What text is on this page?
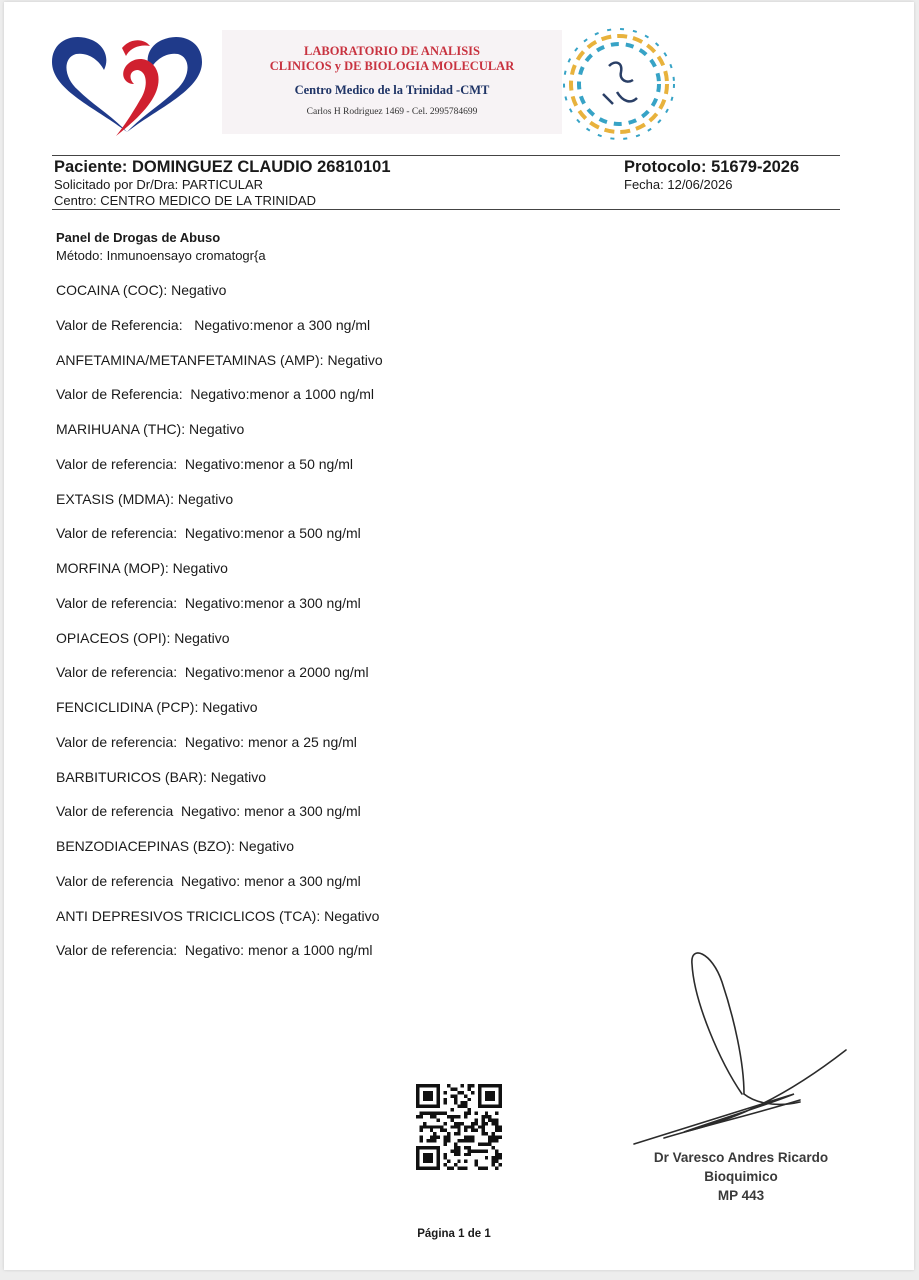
LABORATORIO DE ANALISIS
CLINICOS y DE BIOLOGIA MOLECULAR
Centro Medico de la Trinidad -CMT
Carlos H Rodriguez 1469 - Cel. 2995784699
Paciente: DOMINGUEZ CLAUDIO 26810101
Solicitado por Dr/Dra: PARTICULAR
Centro: CENTRO MEDICO DE LA TRINIDAD
Protocolo: 51679-2026
Fecha: 12/06/2026
Panel de Drogas de Abuso
Método: Inmunoensayo cromatogr{a
COCAINA (COC): Negativo
Valor de Referencia:   Negativo:menor a 300 ng/ml
ANFETAMINA/METANFETAMINAS (AMP): Negativo
Valor de Referencia:  Negativo:menor a 1000 ng/ml
MARIHUANA (THC): Negativo
Valor de referencia:  Negativo:menor a 50 ng/ml
EXTASIS (MDMA): Negativo
Valor de referencia:  Negativo:menor a 500 ng/ml
MORFINA (MOP): Negativo
Valor de referencia:  Negativo:menor a 300 ng/ml
OPIACEOS (OPI): Negativo
Valor de referencia:  Negativo:menor a 2000 ng/ml
FENCICLIDINA (PCP): Negativo
Valor de referencia:  Negativo: menor a 25 ng/ml
BARBITURICOS (BAR): Negativo
Valor de referencia  Negativo: menor a 300 ng/ml
BENZODIACEPINAS (BZO): Negativo
Valor de referencia  Negativo: menor a 300 ng/ml
ANTI DEPRESIVOS TRICICLICOS (TCA): Negativo
Valor de referencia:  Negativo: menor a 1000 ng/ml
Dr Varesco Andres Ricardo
Bioquimico
MP 443
Página 1 de 1
